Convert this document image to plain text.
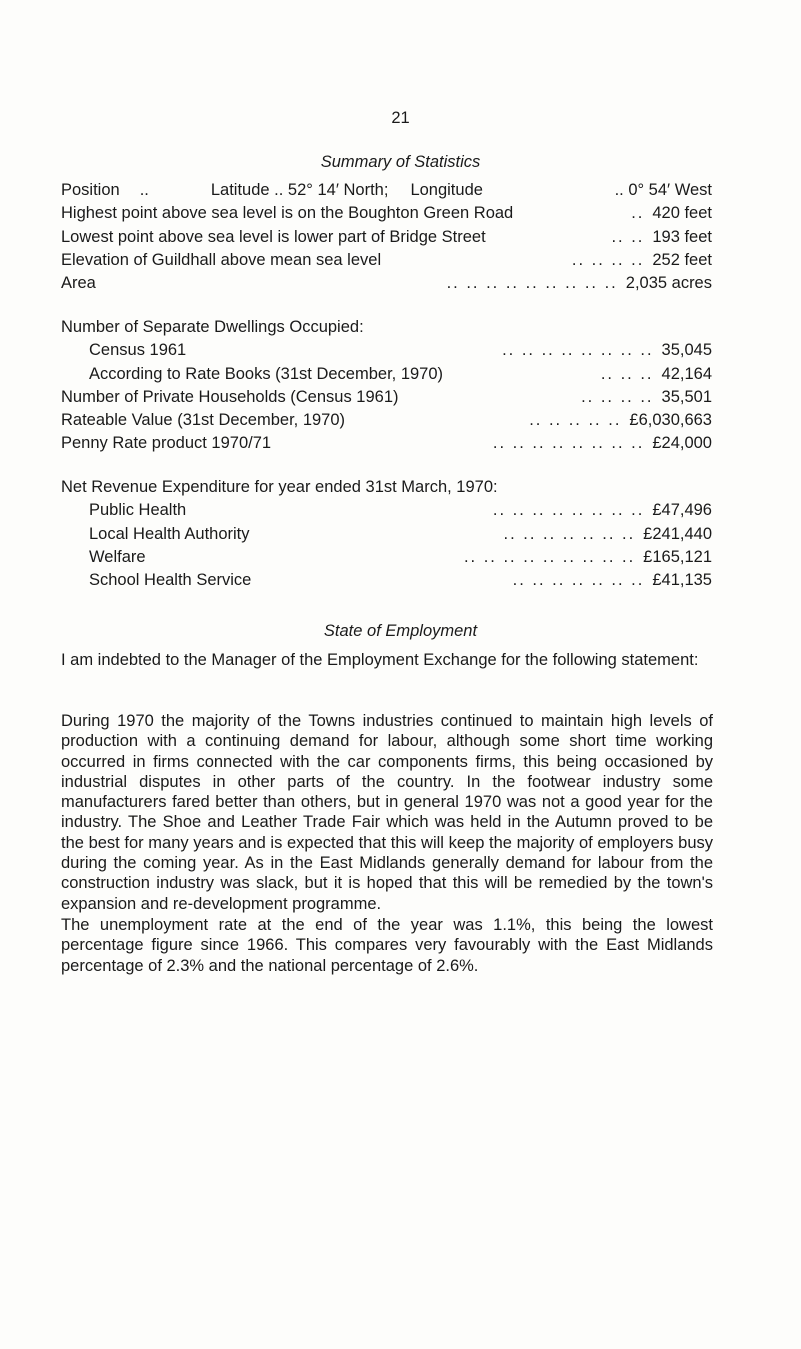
21
Summary of Statistics
Position	..	Latitude .. 52° 14′ North;	Longitude	.. 0° 54′ West
Highest point above sea level is on the Boughton Green Road	.. 420 feet
Lowest point above sea level is lower part of Bridge Street	.. .. 193 feet
Elevation of Guildhall above mean sea level	.. .. .. .. 252 feet
Area	.. .. .. .. .. .. .. .. .. 2,035 acres
Number of Separate Dwellings Occupied:
Census 1961	.. .. .. .. .. .. .. .. 35,045
According to Rate Books (31st December, 1970)	.. .. .. 42,164
Number of Private Households (Census 1961)	.. .. .. .. 35,501
Rateable Value (31st December, 1970)	.. .. .. .. .. £6,030,663
Penny Rate product 1970/71	.. .. .. .. .. .. .. .. £24,000
Net Revenue Expenditure for year ended 31st March, 1970:
Public Health	.. .. .. .. .. .. .. .. £47,496
Local Health Authority	.. .. .. .. .. .. .. £241,440
Welfare	.. .. .. .. .. .. .. .. .. £165,121
School Health Service	.. .. .. .. .. .. .. £41,135
State of Employment

I am indebted to the Manager of the Employment Exchange for the following statement:

During 1970 the majority of the Towns industries continued to maintain high levels of production with a continuing demand for labour, although some short time working occurred in firms connected with the car components firms, this being occasioned by industrial disputes in other parts of the country. In the footwear industry some manufacturers fared better than others, but in general 1970 was not a good year for the industry. The Shoe and Leather Trade Fair which was held in the Autumn proved to be the best for many years and is expected that this will keep the majority of employers busy during the coming year. As in the East Midlands generally demand for labour from the construction industry was slack, but it is hoped that this will be remedied by the town's expansion and re-development programme.

The unemployment rate at the end of the year was 1.1%, this being the lowest percentage figure since 1966. This compares very favourably with the East Midlands percentage of 2.3% and the national percentage of 2.6%.
